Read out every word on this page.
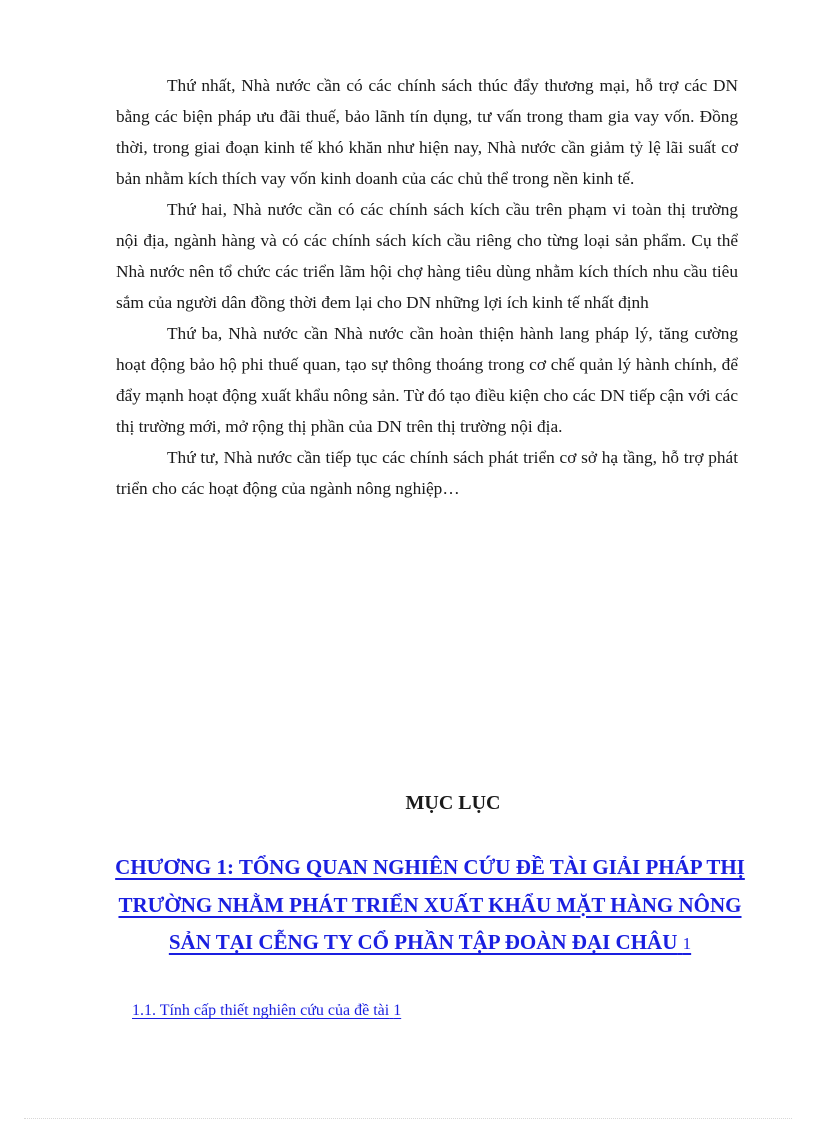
Thứ nhất, Nhà nước cần có các chính sách thúc đẩy thương mại, hỗ trợ các DN bằng các biện pháp ưu đãi thuế, bảo lãnh tín dụng, tư vấn trong tham gia vay vốn. Đồng thời, trong giai đoạn kinh tế khó khăn như hiện nay, Nhà nước cần giảm tỷ lệ lãi suất cơ bản nhằm kích thích vay vốn kinh doanh của các chủ thể trong nền kinh tế.

Thứ hai, Nhà nước cần có các chính sách kích cầu trên phạm vi toàn thị trường nội địa, ngành hàng và có các chính sách kích cầu riêng cho từng loại sản phẩm. Cụ thể Nhà nước nên tổ chức các triển lãm hội chợ hàng tiêu dùng nhằm kích thích nhu cầu tiêu sắm của người dân đồng thời đem lại cho DN những lợi ích kinh tế nhất định

Thứ ba, Nhà nước cần Nhà nước cần hoàn thiện hành lang pháp lý, tăng cường hoạt động bảo hộ phi thuế quan, tạo sự thông thoáng trong cơ chế quản lý hành chính, để đẩy mạnh hoạt động xuất khẩu nông sản. Từ đó tạo điều kiện cho các DN tiếp cận với các thị trường mới, mở rộng thị phần của DN trên thị trường nội địa.

Thứ tư, Nhà nước cần tiếp tục các chính sách phát triển cơ sở hạ tầng, hỗ trợ phát triển cho các hoạt động của ngành nông nghiệp…

MỤC LỤC
CHƯƠNG 1: TỔNG QUAN NGHIÊN CỨU ĐỀ TÀI GIẢI PHÁP THỊ TRƯỜNG NHẰM PHÁT TRIỂN XUẤT KHẨU MẶT HÀNG NÔNG SẢN TẠI CỄNG TY CỔ PHẦN TẬP ĐOÀN ĐẠI CHÂU 1
1.1. Tính cấp thiết nghiên cứu của đề tài 1
